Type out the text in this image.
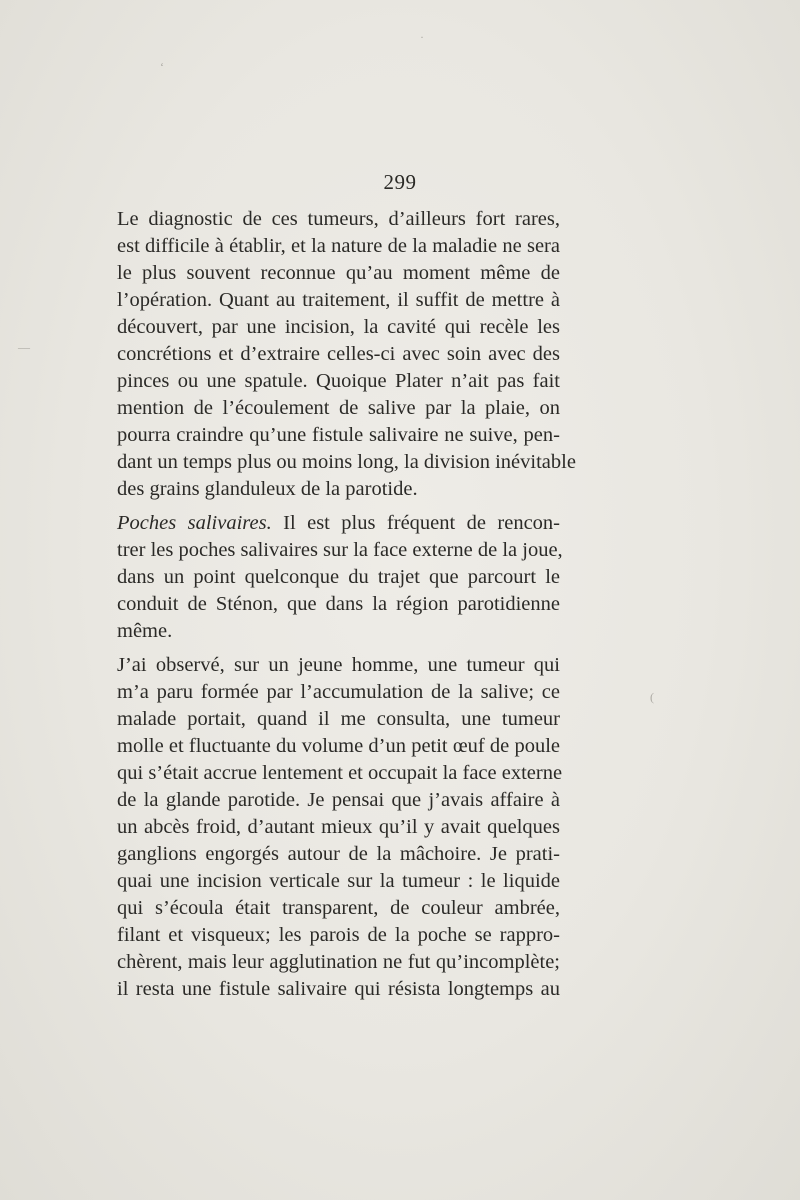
299
Le diagnostic de ces tumeurs, d’ailleurs fort rares,
est difficile à établir, et la nature de la maladie ne sera
le plus souvent reconnue qu’au moment même de
l’opération. Quant au traitement, il suffit de mettre à
découvert, par une incision, la cavité qui recèle les
concrétions et d’extraire celles-ci avec soin avec des
pinces ou une spatule. Quoique Plater n’ait pas fait
mention de l’écoulement de salive par la plaie, on
pourra craindre qu’une fistule salivaire ne suive, pen-
dant un temps plus ou moins long, la division inévitable
des grains glanduleux de la parotide.
Poches salivaires. Il est plus fréquent de rencon-
trer les poches salivaires sur la face externe de la joue,
dans un point quelconque du trajet que parcourt le
conduit de Sténon, que dans la région parotidienne
même.
J’ai observé, sur un jeune homme, une tumeur qui
m’a paru formée par l’accumulation de la salive; ce
malade portait, quand il me consulta, une tumeur
molle et fluctuante du volume d’un petit œuf de poule
qui s’était accrue lentement et occupait la face externe
de la glande parotide. Je pensai que j’avais affaire à
un abcès froid, d’autant mieux qu’il y avait quelques
ganglions engorgés autour de la mâchoire. Je prati-
quai une incision verticale sur la tumeur : le liquide
qui s’écoula était transparent, de couleur ambrée,
filant et visqueux; les parois de la poche se rappro-
chèrent, mais leur agglutination ne fut qu’incomplète;
il resta une fistule salivaire qui résista longtemps au
‘
·
―
(
